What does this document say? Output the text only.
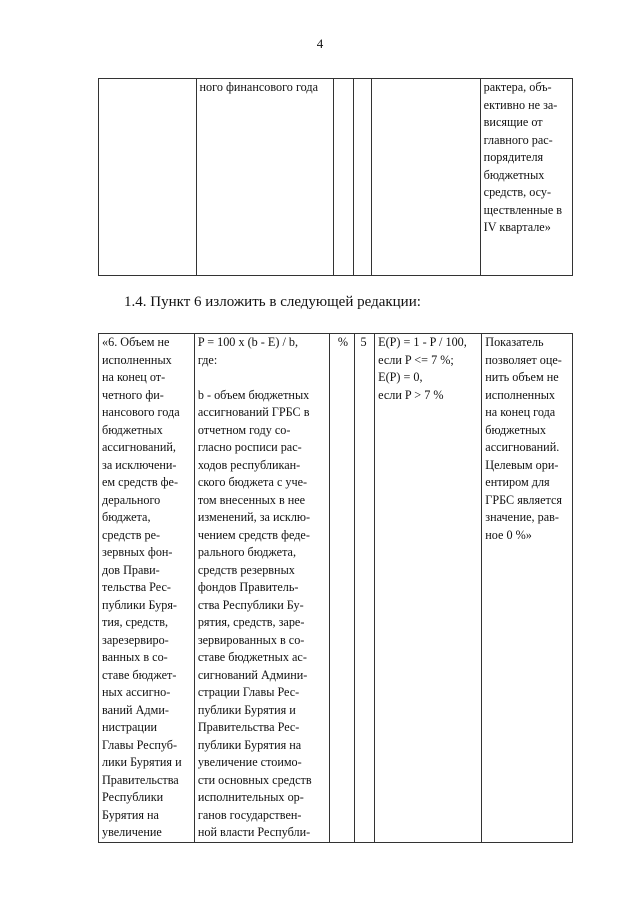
4
	ного финансового года				рактера, объ-
ективно не за-
висящие от
главного рас-
порядителя
бюджетных
средств, осу-
ществленные в
IV квартале»
1.4. Пункт 6 изложить в следующей редакции:
«6. Объем не
исполненных
на конец от-
четного фи-
нансового года
бюджетных
ассигнований,
за исключени-
ем средств фе-
дерального
бюджета,
средств ре-
зервных фон-
дов Прави-
тельства Рес-
публики Буря-
тия, средств,
зарезервиро-
ванных в со-
ставе бюджет-
ных ассигно-
ваний Адми-
нистрации
Главы Респуб-
лики Бурятия и
Правительства
Республики
Бурятия на
увеличение	P = 100 x (b - E) / b,
где:

b - объем бюджетных
ассигнований ГРБС в
отчетном году со-
гласно росписи рас-
ходов республикан-
ского бюджета с уче-
том внесенных в нее
изменений, за исклю-
чением средств феде-
рального бюджета,
средств резервных
фондов Правитель-
ства Республики Бу-
рятия, средств, заре-
зервированных в со-
ставе бюджетных ас-
сигнований Админи-
страции Главы Рес-
публики Бурятия и
Правительства Рес-
публики Бурятия на
увеличение стоимо-
сти основных средств
исполнительных ор-
ганов государствен-
ной власти Республи-	%	5	E(P) = 1 - P / 100,
если P <= 7 %;
E(P) = 0,
если P > 7 %	Показатель
позволяет оце-
нить объем не
исполненных
на конец года
бюджетных
ассигнований.
Целевым ори-
ентиром для
ГРБС является
значение, рав-
ное 0 %»
